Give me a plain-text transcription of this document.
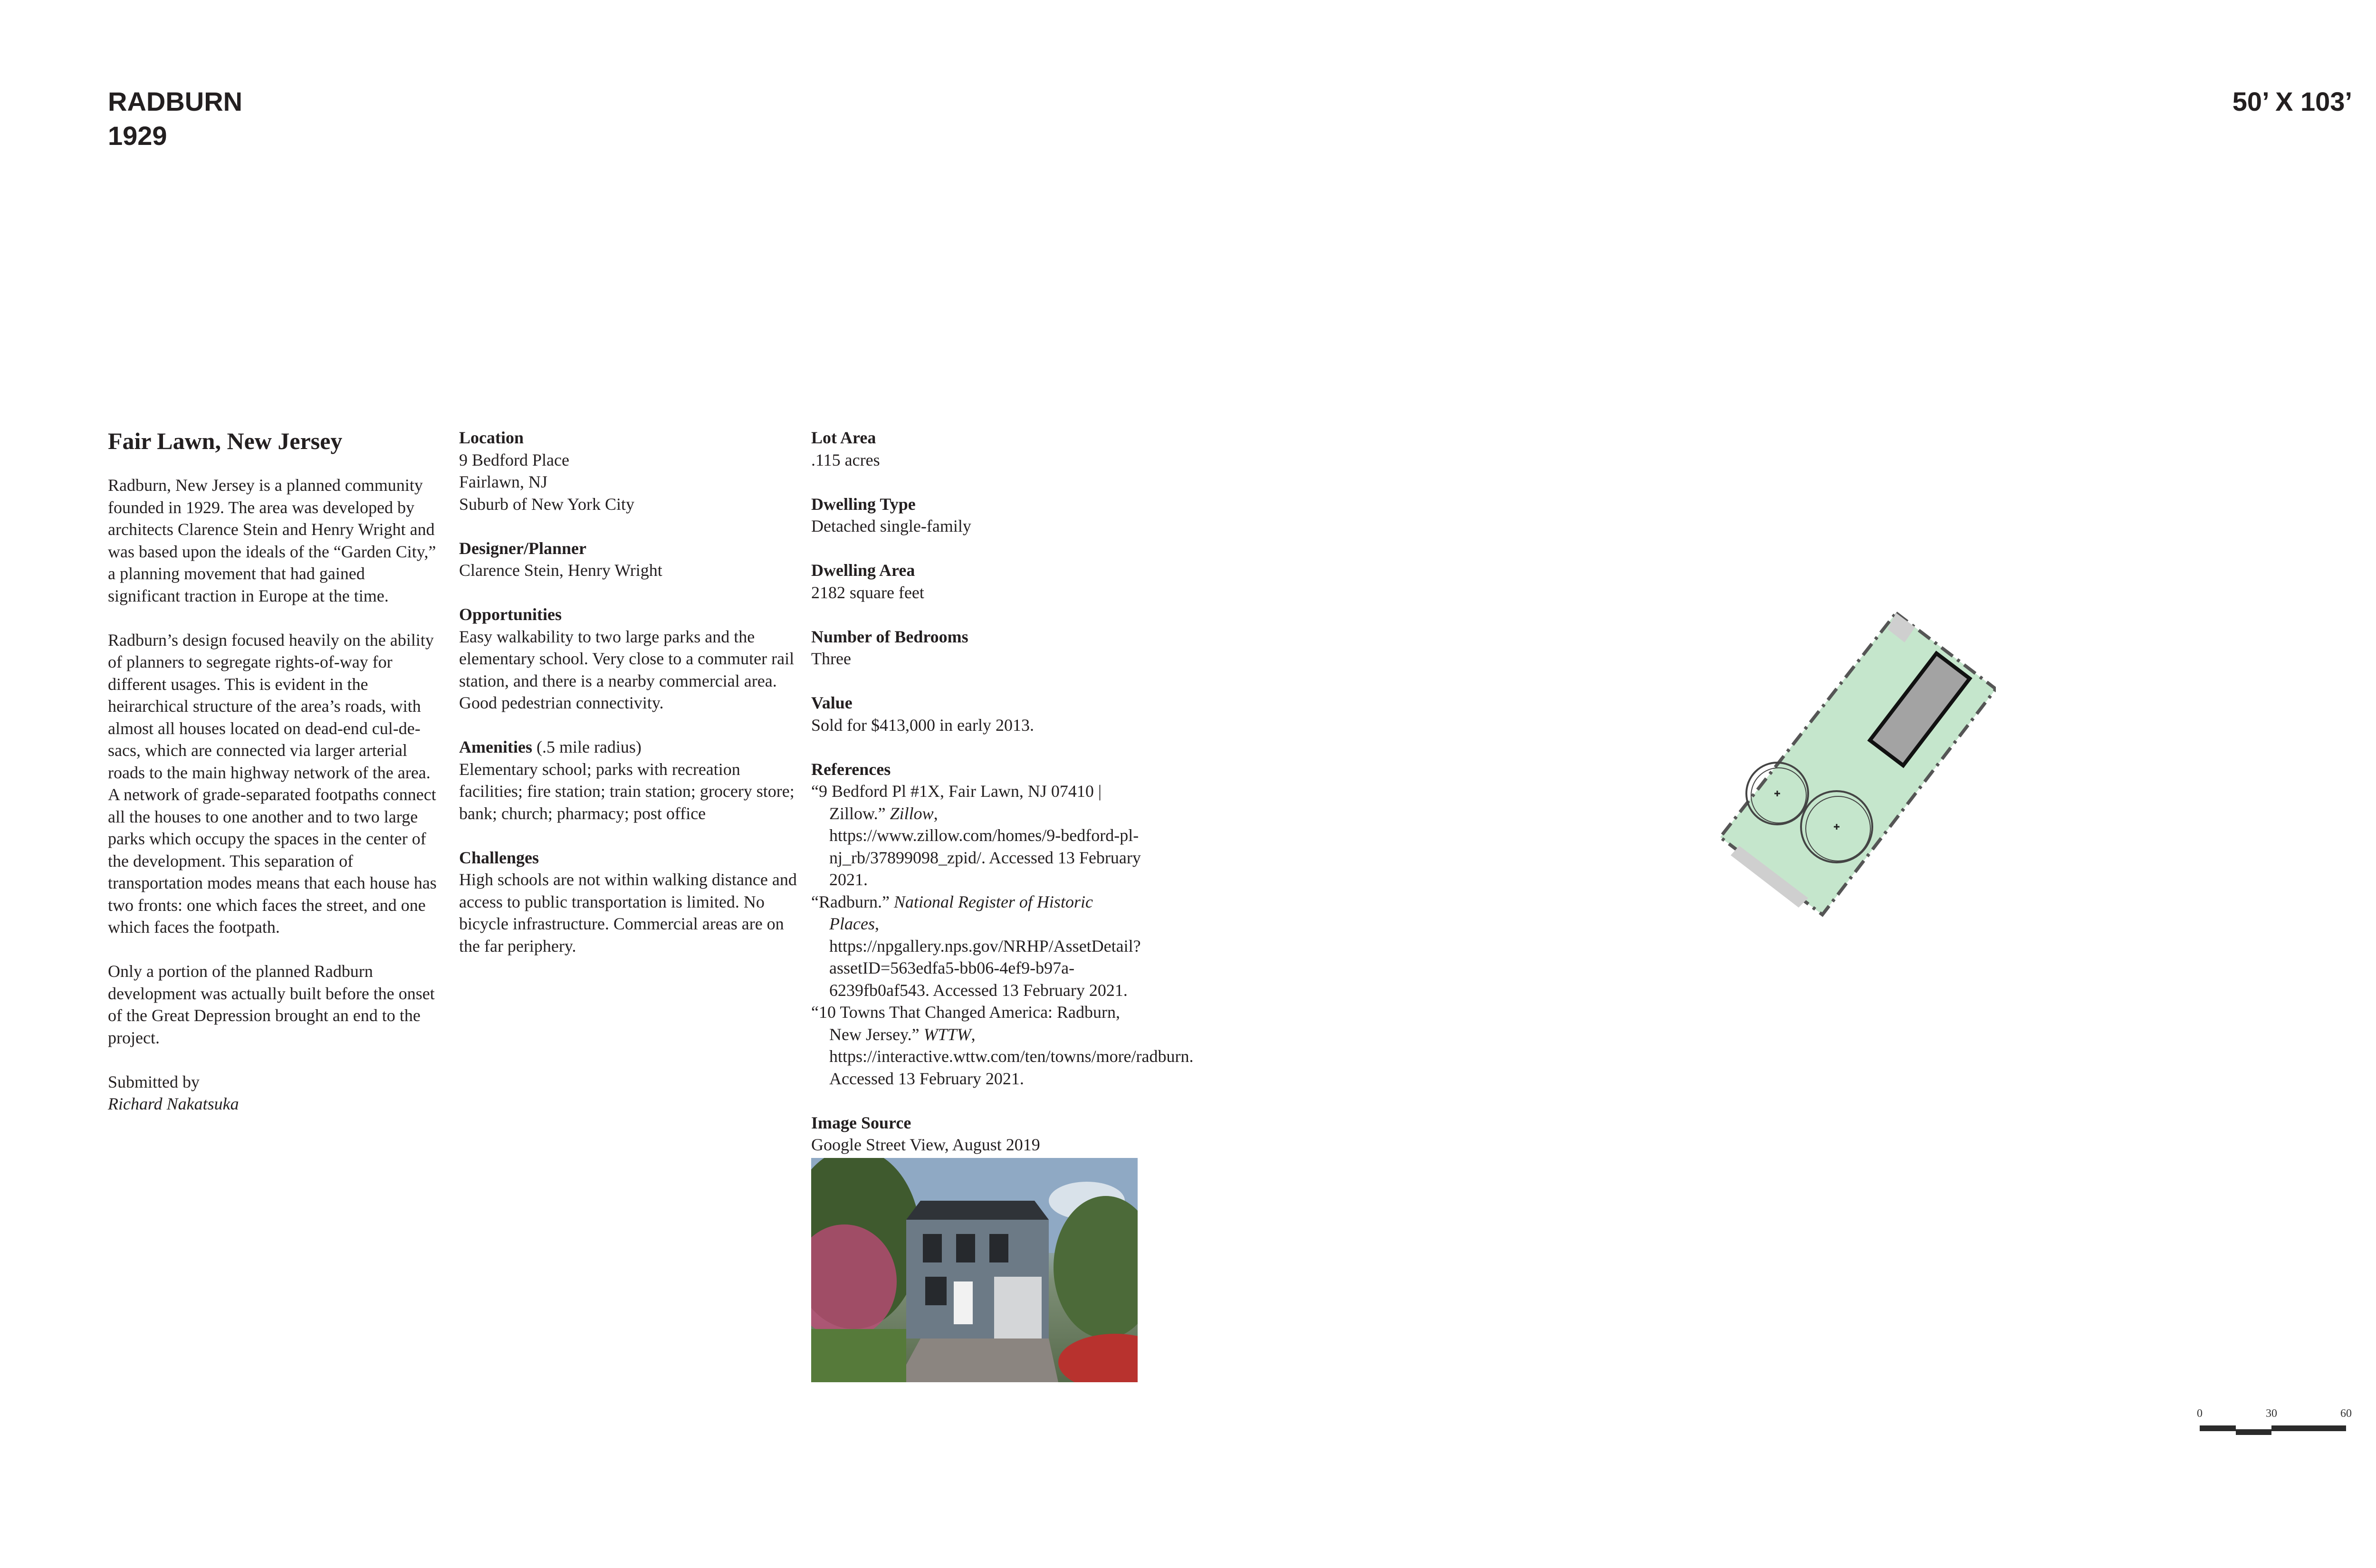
RADBURN
1929
50’ X 103’
Fair Lawn, New Jersey

Radburn, New Jersey is a planned community founded in 1929. The area was developed by architects Clarence Stein and Henry Wright and was based upon the ideals of the “Garden City,” a planning movement that had gained significant traction in Europe at the time.

Radburn’s design focused heavily on the ability of planners to segregate rights-of-way for different usages. This is evident in the heirarchical structure of the area’s roads, with almost all houses located on dead-end cul-de-sacs, which are connected via larger arterial roads to the main highway network of the area. A network of grade-separated footpaths connect all the houses to one another and to two large parks which occupy the spaces in the center of the development. This separation of transportation modes means that each house has two fronts: one which faces the street, and one which faces the footpath.

Only a portion of the planned Radburn development was actually built before the onset of the Great Depression brought an end to the project.

Submitted by
Richard Nakatsuka
Location
9 Bedford Place
Fairlawn, NJ
Suburb of New York City
Designer/Planner
Clarence Stein, Henry Wright
Opportunities
Easy walkability to two large parks and the elementary school. Very close to a commuter rail station, and there is a nearby commercial area. Good pedestrian connectivity.
Amenities (.5 mile radius)
Elementary school; parks with recreation facilities; fire station; train station; grocery store; bank; church; pharmacy; post office
Challenges
High schools are not within walking distance and access to public transportation is limited. No bicycle infrastructure. Commercial areas are on the far periphery.
Lot Area
.115 acres
Dwelling Type
Detached single-family
Dwelling Area
2182 square feet
Number of Bedrooms
Three
Value
Sold for $413,000 in early 2013.
References
“9 Bedford Pl #1X, Fair Lawn, NJ 07410 | Zillow.” Zillow, https://www.zillow.com/homes/9-bedford-pl-nj_rb/37899098_zpid/. Accessed 13 February 2021.
“Radburn.” National Register of Historic Places, https://npgallery.nps.gov/NRHP/AssetDetail?assetID=563edfa5-bb06-4ef9-b97a-6239fb0af543. Accessed 13 February 2021.
“10 Towns That Changed America: Radburn, New Jersey.” WTTW, https://interactive.wttw.com/ten/towns/more/radburn. Accessed 13 February 2021.
Image Source
Google Street View, August 2019
0	30	60
